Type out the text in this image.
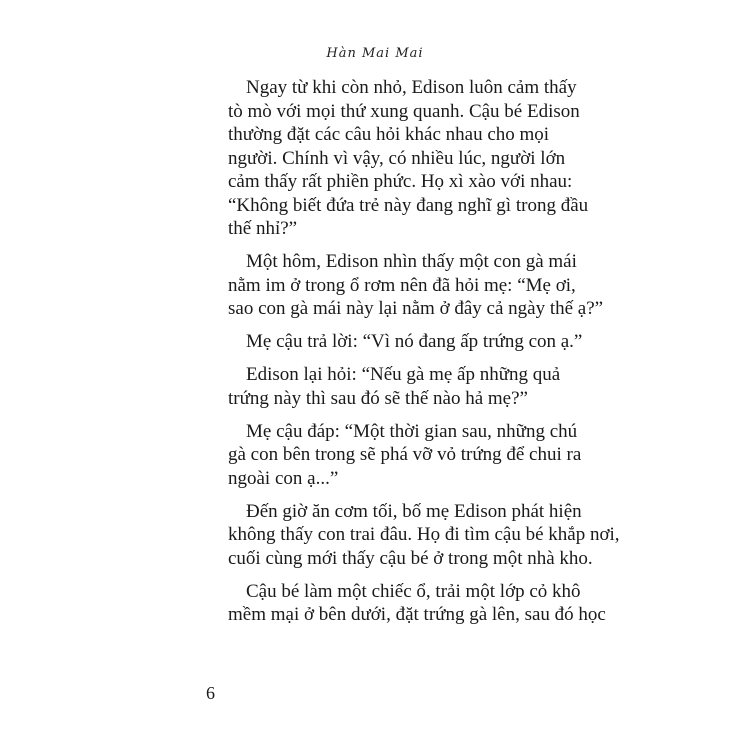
Hàn Mai Mai

Ngay từ khi còn nhỏ, Edison luôn cảm thấy
tò mò với mọi thứ xung quanh. Cậu bé Edison
thường đặt các câu hỏi khác nhau cho mọi
người. Chính vì vậy, có nhiều lúc, người lớn
cảm thấy rất phiền phức. Họ xì xào với nhau:
“Không biết đứa trẻ này đang nghĩ gì trong đầu
thế nhỉ?”

Một hôm, Edison nhìn thấy một con gà mái
nằm im ở trong ổ rơm nên đã hỏi mẹ: “Mẹ ơi,
sao con gà mái này lại nằm ở đây cả ngày thế ạ?”

Mẹ cậu trả lời: “Vì nó đang ấp trứng con ạ.”

Edison lại hỏi: “Nếu gà mẹ ấp những quả
trứng này thì sau đó sẽ thế nào hả mẹ?”

Mẹ cậu đáp: “Một thời gian sau, những chú
gà con bên trong sẽ phá vỡ vỏ trứng để chui ra
ngoài con ạ...”

Đến giờ ăn cơm tối, bố mẹ Edison phát hiện
không thấy con trai đâu. Họ đi tìm cậu bé khắp nơi,
cuối cùng mới thấy cậu bé ở trong một nhà kho.

Cậu bé làm một chiếc ổ, trải một lớp cỏ khô
mềm mại ở bên dưới, đặt trứng gà lên, sau đó học

6
